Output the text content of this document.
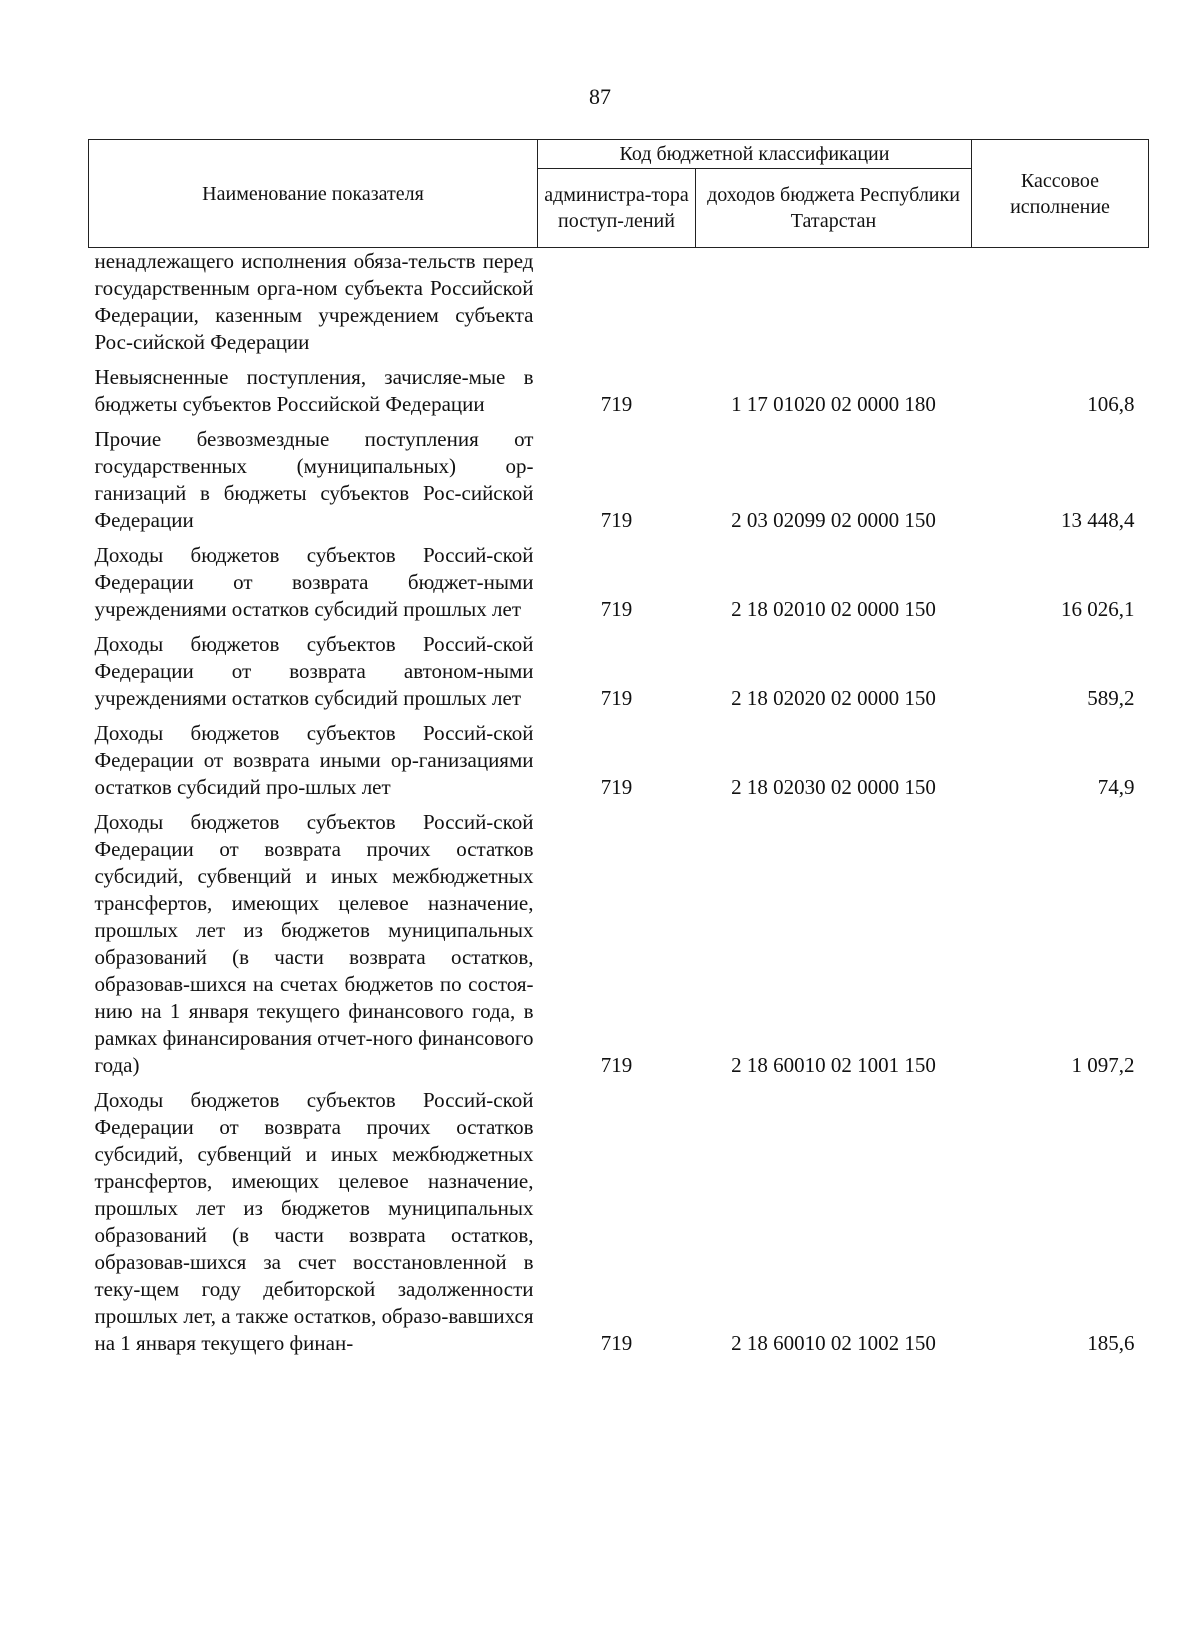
87
Наименование показателя	Код бюджетной классификации		Кассовое исполнение
	администра-тора поступ-лений	доходов бюджета Республики Татарстан	
ненадлежащего исполнения обяза-тельств перед государственным орга-ном субъекта Российской Федерации, казенным учреждением субъекта Рос-сийской Федерации			
Невыясненные поступления, зачисляе-мые в бюджеты субъектов Российской Федерации	719	1 17 01020 02 0000 180	106,8
Прочие безвозмездные поступления от государственных (муниципальных) ор-ганизаций в бюджеты субъектов Рос-сийской Федерации	719	2 03 02099 02 0000 150	13 448,4
Доходы бюджетов субъектов Россий-ской Федерации от возврата бюджет-ными учреждениями остатков субсидий прошлых лет	719	2 18 02010 02 0000 150	16 026,1
Доходы бюджетов субъектов Россий-ской Федерации от возврата автоном-ными учреждениями остатков субсидий прошлых лет	719	2 18 02020 02 0000 150	589,2
Доходы бюджетов субъектов Россий-ской Федерации от возврата иными ор-ганизациями остатков субсидий про-шлых лет	719	2 18 02030 02 0000 150	74,9
Доходы бюджетов субъектов Россий-ской Федерации от возврата прочих остатков субсидий, субвенций и иных межбюджетных трансфертов, имеющих целевое назначение, прошлых лет из бюджетов муниципальных образований (в части возврата остатков, образовав-шихся на счетах бюджетов по состоя-нию на 1 января текущего финансового года, в рамках финансирования отчет-ного финансового года)	719	2 18 60010 02 1001 150	1 097,2
Доходы бюджетов субъектов Россий-ской Федерации от возврата прочих остатков субсидий, субвенций и иных межбюджетных трансфертов, имеющих целевое назначение, прошлых лет из бюджетов муниципальных образований (в части возврата остатков, образовав-шихся за счет восстановленной в теку-щем году дебиторской задолженности прошлых лет, а также остатков, образо-вавшихся на 1 января текущего финан-	719	2 18 60010 02 1002 150	185,6
